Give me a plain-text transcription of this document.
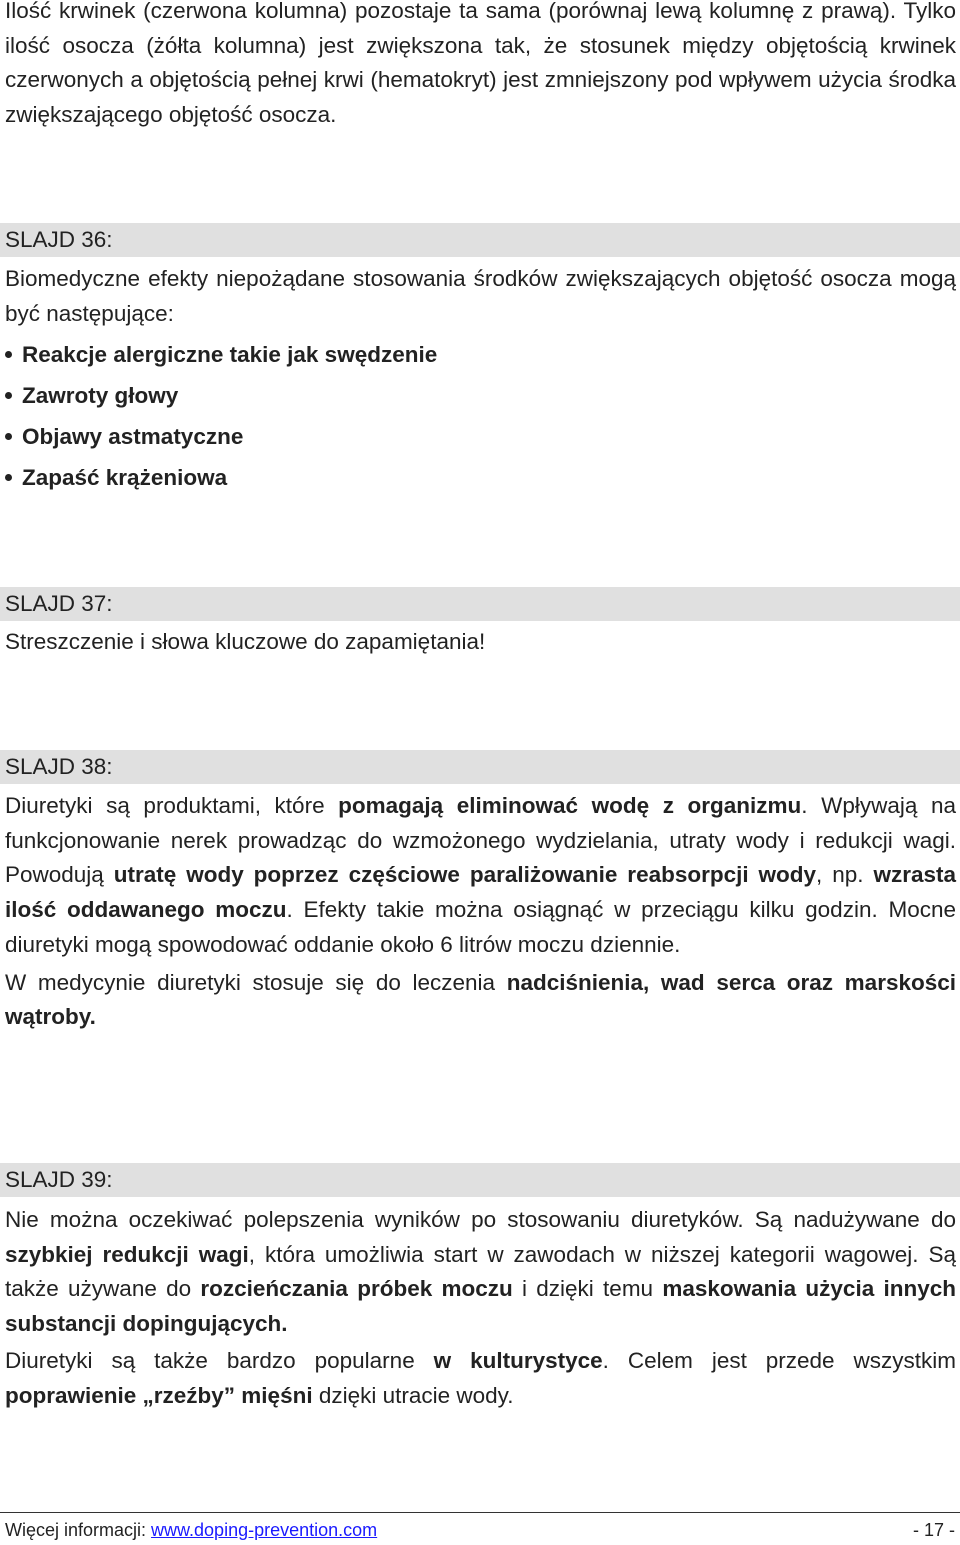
Ilość krwinek (czerwona kolumna) pozostaje ta sama (porównaj lewą kolumnę z prawą). Tylko ilość osocza (żółta kolumna) jest zwiększona tak, że stosunek między objętością krwinek czerwonych a objętością pełnej krwi (hematokryt) jest zmniejszony pod wpływem użycia środka zwiększającego objętość osocza.

SLAJD 36:

Biomedyczne efekty niepożądane stosowania środków zwiększających objętość osocza mogą być następujące:

Reakcje alergiczne takie jak swędzenie
Zawroty głowy
Objawy astmatyczne
Zapaść krążeniowa
SLAJD 37:

Streszczenie i słowa kluczowe do zapamiętania!

SLAJD 38:

Diuretyki są produktami, które pomagają eliminować wodę z organizmu. Wpływają na funkcjonowanie nerek prowadząc do wzmożonego wydzielania, utraty wody i redukcji wagi. Powodują utratę wody poprzez częściowe paraliżowanie reabsorpcji wody, np. wzrasta ilość oddawanego moczu. Efekty takie można osiągnąć w przeciągu kilku godzin. Mocne diuretyki mogą spowodować oddanie około 6 litrów moczu dziennie.

W medycynie diuretyki stosuje się do leczenia nadciśnienia, wad serca oraz marskości wątroby.

SLAJD 39:

Nie można oczekiwać polepszenia wyników po stosowaniu diuretyków. Są nadużywane do szybkiej redukcji wagi, która umożliwia start w zawodach w niższej kategorii wagowej. Są także używane do rozcieńczania próbek moczu i dzięki temu maskowania użycia innych substancji dopingujących.

Diuretyki są także bardzo popularne w kulturystyce. Celem jest przede wszystkim poprawienie „rzeźby” mięśni dzięki utracie wody.

Więcej informacji: www.doping-prevention.com	- 17 -
